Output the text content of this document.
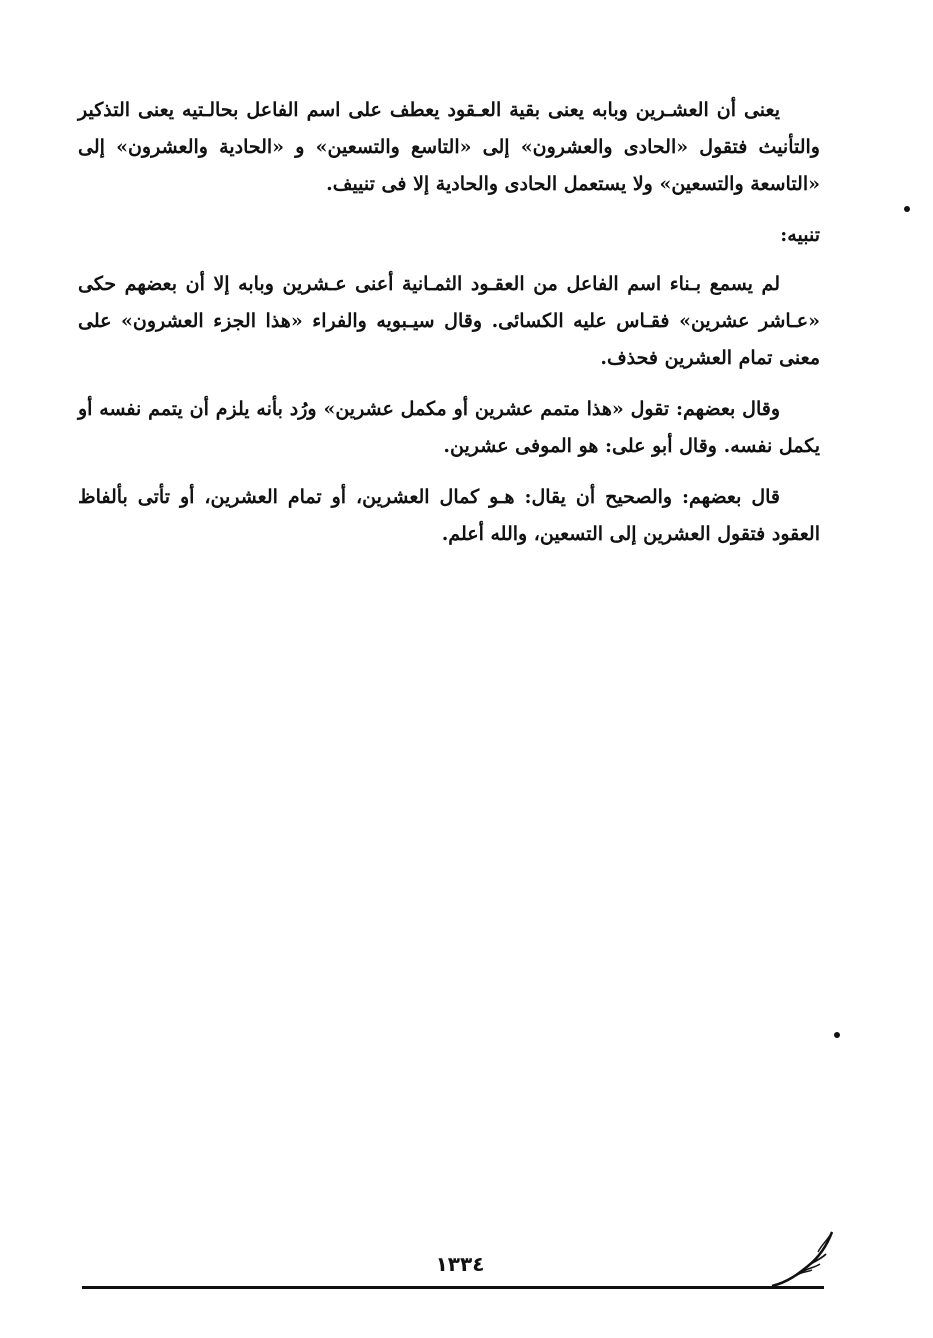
يعنى أن العشـرين وبابه يعنى بقية العـقود يعطف على اسم الفاعل بحالـتيه يعنى التذكير والتأنيث فتقول «الحادى والعشرون» إلى «التاسع والتسعين» و «الحادية والعشرون» إلى «التاسعة والتسعين» ولا يستعمل الحادى والحادية إلا فى تنييف.

تنبيه:

لم يسمع بـناء اسم الفاعل من العقـود الثمـانية أعنى عـشرين وبابه إلا أن بعضهم حكى «عـاشر عشرين» فقـاس عليه الكسائى. وقال سيـبويه والفراء «هذا الجزء العشرون» على معنى تمام العشرين فحذف.

وقال بعضهم: تقول «هذا متمم عشرين أو مكمل عشرين» ورُد بأنه يلزم أن يتمم نفسه أو يكمل نفسه. وقال أبو على: هو الموفى عشرين.

قال بعضهم: والصحيح أن يقال: هـو كمال العشرين، أو تمام العشرين، أو تأتى بألفاظ العقود فتقول العشرين إلى التسعين، والله أعلم.

١٣٣٤
